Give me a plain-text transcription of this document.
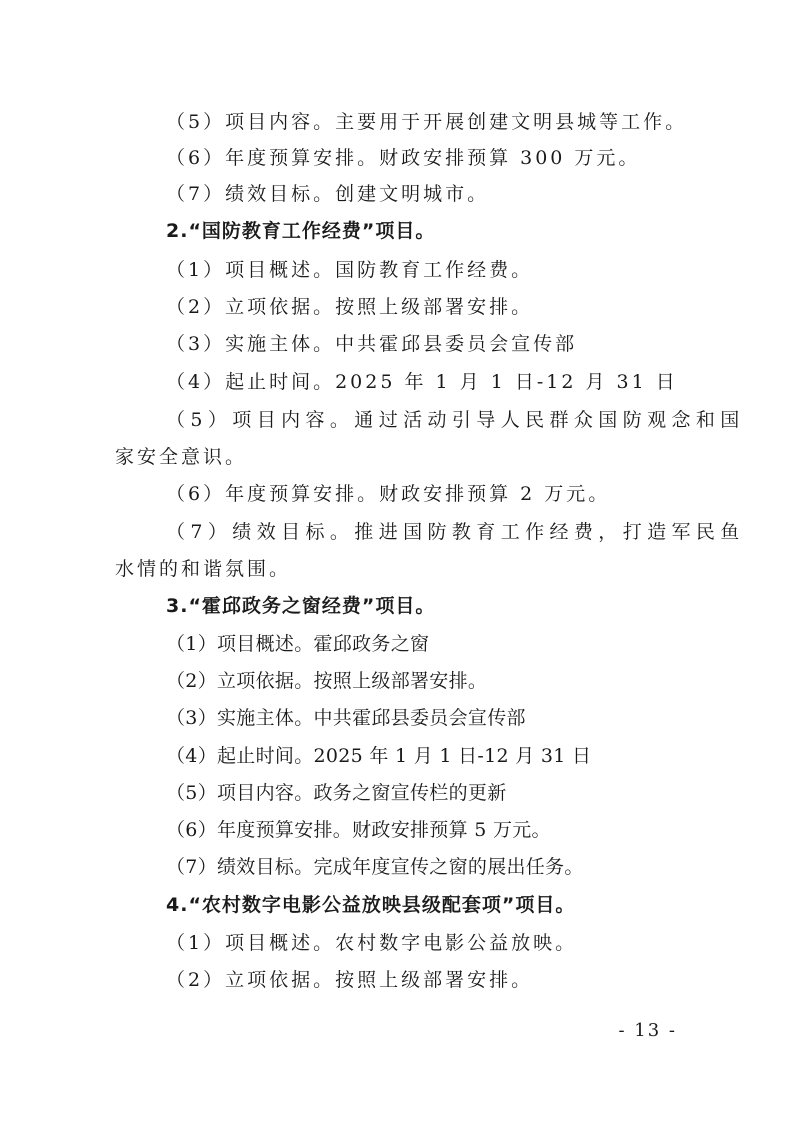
（5）项目内容。主要用于开展创建文明县城等工作。
（6）年度预算安排。财政安排预算 300 万元。
（7）绩效目标。创建文明城市。
2.“国防教育工作经费”项目。
（1）项目概述。国防教育工作经费。
（2）立项依据。按照上级部署安排。
（3）实施主体。中共霍邱县委员会宣传部
（4）起止时间。2025 年 1 月 1 日-12 月 31 日
（5）项目内容。通过活动引导人民群众国防观念和国
家安全意识。
（6）年度预算安排。财政安排预算 2 万元。
（7）绩效目标。推进国防教育工作经费，打造军民鱼
水情的和谐氛围。
3.“霍邱政务之窗经费”项目。
（1）项目概述。霍邱政务之窗
（2）立项依据。按照上级部署安排。
（3）实施主体。中共霍邱县委员会宣传部
（4）起止时间。2025 年 1 月 1 日-12 月 31 日
（5）项目内容。政务之窗宣传栏的更新
（6）年度预算安排。财政安排预算 5 万元。
（7）绩效目标。完成年度宣传之窗的展出任务。
4.“农村数字电影公益放映县级配套项”项目。
（1）项目概述。农村数字电影公益放映。
（2）立项依据。按照上级部署安排。
- 13 -
